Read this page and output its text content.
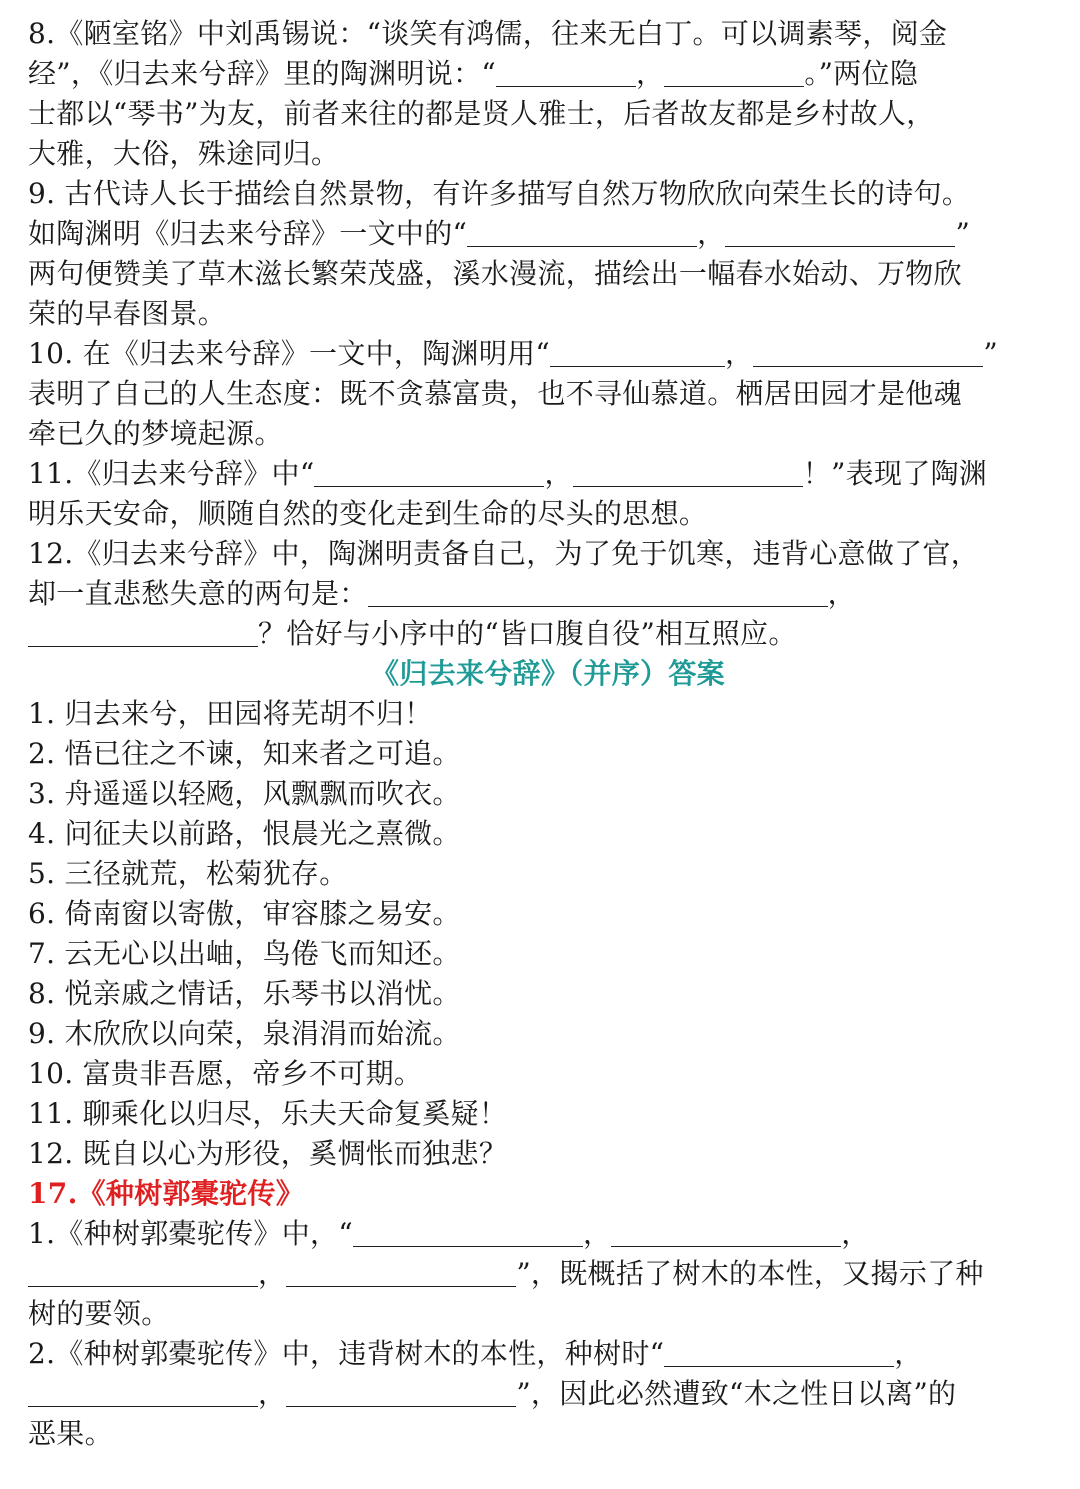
8.《陋室铭》中刘禹锡说：“谈笑有鸿儒，往来无白丁。可以调素琴，阅金
经”，《归去来兮辞》里的陶渊明说：“	，	。”两位隐
士都以“琴书”为友，前者来往的都是贤人雅士，后者故友都是乡村故人，
大雅，大俗，殊途同归。
9. 古代诗人长于描绘自然景物，有许多描写自然万物欣欣向荣生长的诗句。
如陶渊明《归去来兮辞》一文中的“	，	”
两句便赞美了草木滋长繁荣茂盛，溪水漫流，描绘出一幅春水始动、万物欣
荣的早春图景。
10. 在《归去来兮辞》一文中，陶渊明用“	，	”
表明了自己的人生态度：既不贪慕富贵，也不寻仙慕道。栖居田园才是他魂
牵已久的梦境起源。
11.《归去来兮辞》中“	，	！”表现了陶渊
明乐天安命，顺随自然的变化走到生命的尽头的思想。
12.《归去来兮辞》中，陶渊明责备自己，为了免于饥寒，违背心意做了官，
却一直悲愁失意的两句是：	，
？恰好与小序中的“皆口腹自役”相互照应。
《归去来兮辞》（并序）答案
1. 归去来兮，田园将芜胡不归！
2. 悟已往之不谏，知来者之可追。
3. 舟遥遥以轻飏，风飘飘而吹衣。
4. 问征夫以前路，恨晨光之熹微。
5. 三径就荒，松菊犹存。
6. 倚南窗以寄傲，审容膝之易安。
7. 云无心以出岫，鸟倦飞而知还。
8. 悦亲戚之情话，乐琴书以消忧。
9. 木欣欣以向荣，泉涓涓而始流。
10. 富贵非吾愿，帝乡不可期。
11. 聊乘化以归尽，乐夫天命复奚疑！
12. 既自以心为形役，奚惆怅而独悲？
17.《种树郭橐驼传》
1.《种树郭橐驼传》中，“	，	，
，	”，既概括了树木的本性，又揭示了种
树的要领。
2.《种树郭橐驼传》中，违背树木的本性，种树时“	，
，	”，因此必然遭致“木之性日以离”的
恶果。
